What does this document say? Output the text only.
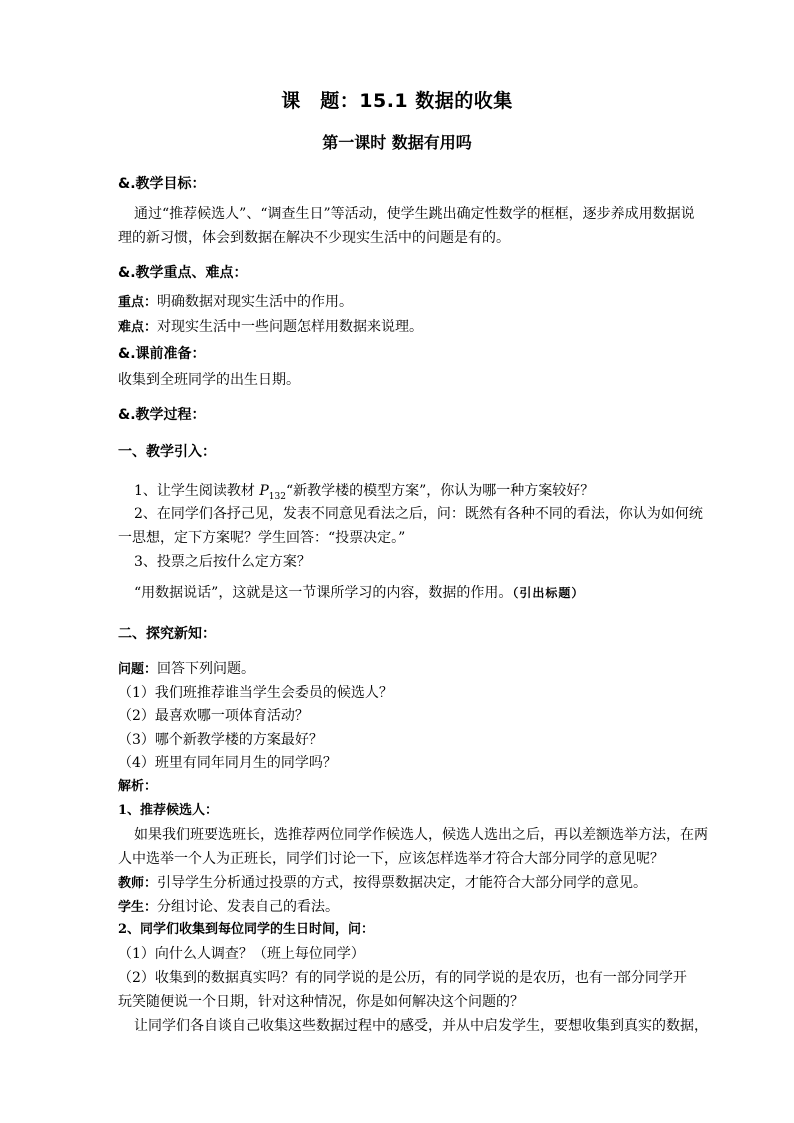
课　题：15.1 数据的收集
第一课时 数据有用吗
&.教学目标：
通过“推荐候选人”、“调查生日”等活动，使学生跳出确定性数学的框框，逐步养成用数据说
理的新习惯，体会到数据在解决不少现实生活中的问题是有的。
&.教学重点、难点：
重点：明确数据对现实生活中的作用。
难点：对现实生活中一些问题怎样用数据来说理。
&.课前准备：
收集到全班同学的出生日期。
&.教学过程：
一、教学引入：
1、让学生阅读教材 $P_{132}“$新教学楼的模型方案”，你认为哪一种方案较好？
2、在同学们各抒己见，发表不同意见看法之后，问：既然有各种不同的看法，你认为如何统
一思想，定下方案呢？学生回答：“投票决定。”
3、投票之后按什么定方案？
“用数据说话”，这就是这一节课所学习的内容，数据的作用。（引出标题）
二、探究新知：
问题：回答下列问题。
（1）我们班推荐谁当学生会委员的候选人？
（2）最喜欢哪一项体育活动？
（3）哪个新教学楼的方案最好？
（4）班里有同年同月生的同学吗？
解析：
1、推荐候选人：
如果我们班要选班长，选推荐两位同学作候选人，候选人选出之后，再以差额选举方法，在两
人中选举一个人为正班长，同学们讨论一下，应该怎样选举才符合大部分同学的意见呢？
教师：引导学生分析通过投票的方式，按得票数据决定，才能符合大部分同学的意见。
学生：分组讨论、发表自己的看法。
2、同学们收集到每位同学的生日时间，问：
（1）向什么人调查？（班上每位同学）
（2）收集到的数据真实吗？有的同学说的是公历，有的同学说的是农历，也有一部分同学开
玩笑随便说一个日期，针对这种情况，你是如何解决这个问题的？
让同学们各自谈自己收集这些数据过程中的感受，并从中启发学生，要想收集到真实的数据，
